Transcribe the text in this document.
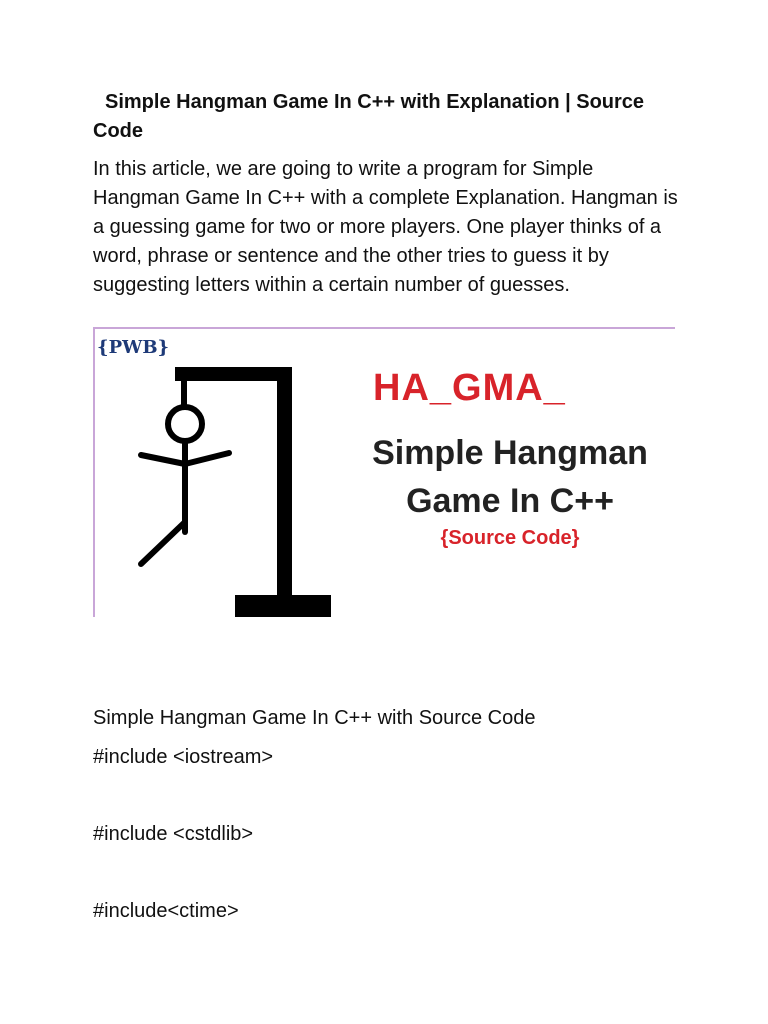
Simple Hangman Game In C++ with Explanation | Source Code

In this article, we are going to write a program for Simple Hangman Game In C++ with a complete Explanation. Hangman is a guessing game for two or more players. One player thinks of a word, phrase or sentence and the other tries to guess it by suggesting letters within a certain number of guesses.

{PWB}
HA_GMA_
Simple Hangman Game In C++
{Source Code}

Simple Hangman Game In C++ with Source Code

#include <iostream>

#include <cstdlib>

#include<ctime>
